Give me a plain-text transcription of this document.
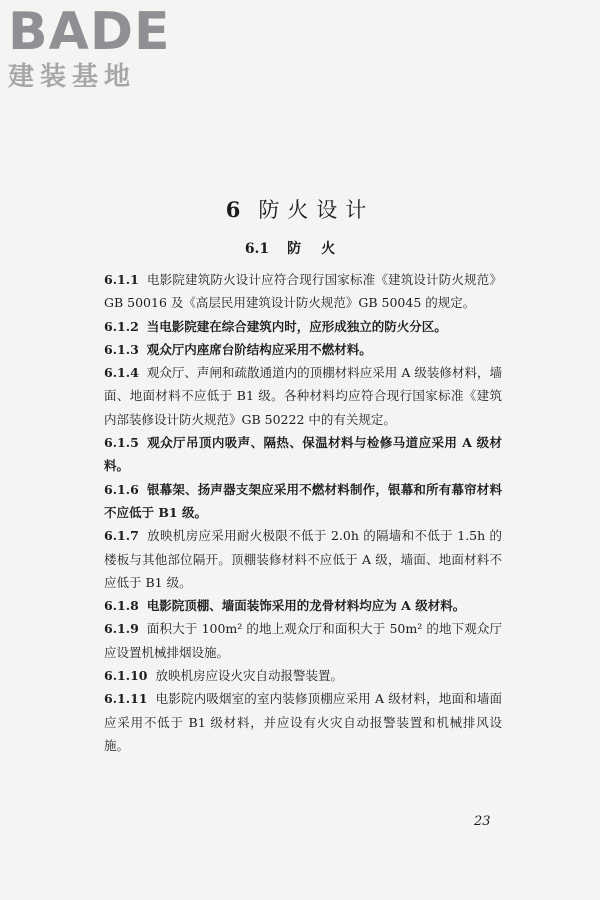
BADE
建装基地
6 防火设计
6.1 防火
6.1.1 电影院建筑防火设计应符合现行国家标准《建筑设计防火规范》GB 50016 及《高层民用建筑设计防火规范》GB 50045 的规定。
6.1.2 当电影院建在综合建筑内时，应形成独立的防火分区。
6.1.3 观众厅内座席台阶结构应采用不燃材料。
6.1.4 观众厅、声闸和疏散通道内的顶棚材料应采用 A 级装修材料，墙面、地面材料不应低于 B1 级。各种材料均应符合现行国家标准《建筑内部装修设计防火规范》GB 50222 中的有关规定。
6.1.5 观众厅吊顶内吸声、隔热、保温材料与检修马道应采用 A 级材料。
6.1.6 银幕架、扬声器支架应采用不燃材料制作，银幕和所有幕帘材料不应低于 B1 级。
6.1.7 放映机房应采用耐火极限不低于 2.0h 的隔墙和不低于 1.5h 的楼板与其他部位隔开。顶棚装修材料不应低于 A 级，墙面、地面材料不应低于 B1 级。
6.1.8 电影院顶棚、墙面装饰采用的龙骨材料均应为 A 级材料。
6.1.9 面积大于 100m² 的地上观众厅和面积大于 50m² 的地下观众厅应设置机械排烟设施。
6.1.10 放映机房应设火灾自动报警装置。
6.1.11 电影院内吸烟室的室内装修顶棚应采用 A 级材料，地面和墙面应采用不低于 B1 级材料，并应设有火灾自动报警装置和机械排风设施。
23
